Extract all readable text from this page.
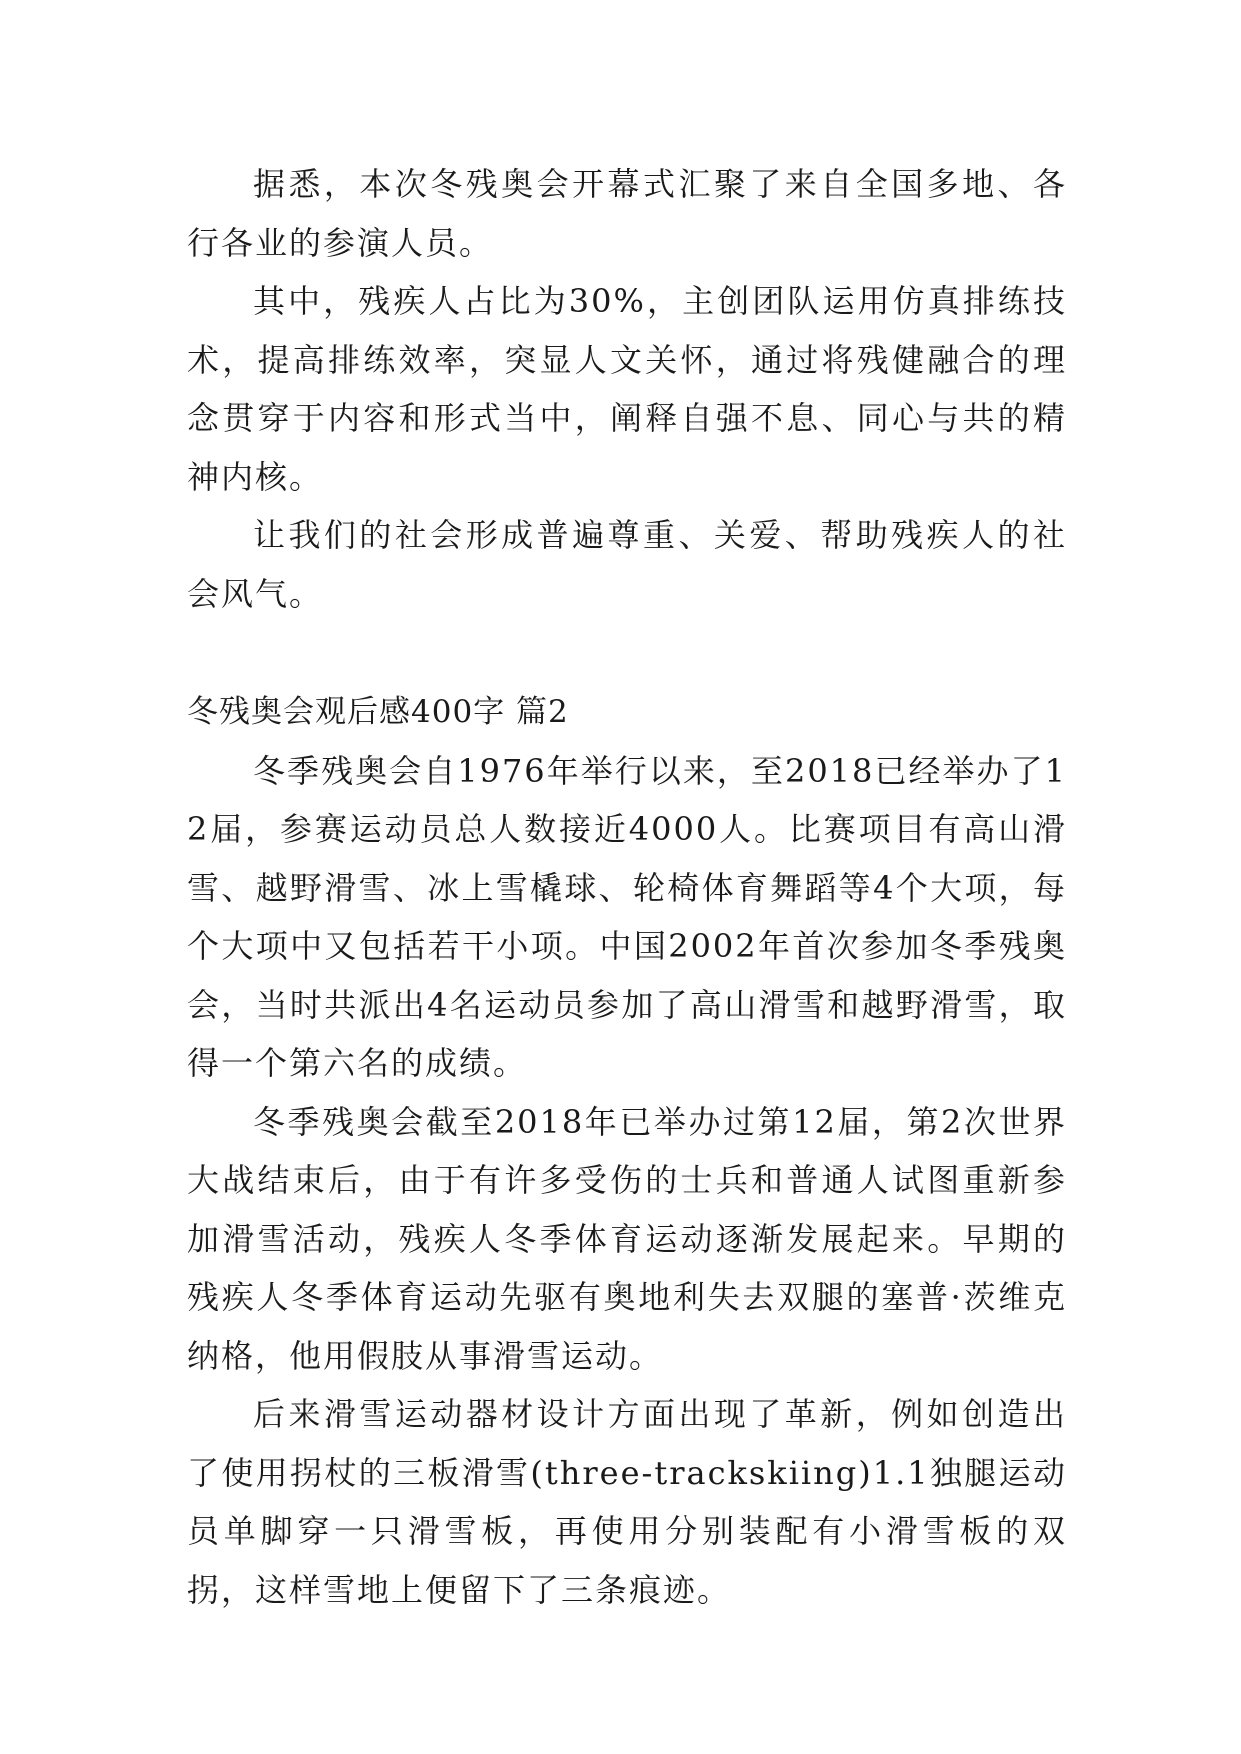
据悉，本次冬残奥会开幕式汇聚了来自全国多地、各行各业的参演人员。

其中，残疾人占比为30%，主创团队运用仿真排练技术，提高排练效率，突显人文关怀，通过将残健融合的理念贯穿于内容和形式当中，阐释自强不息、同心与共的精神内核。

让我们的社会形成普遍尊重、关爱、帮助残疾人的社会风气。

冬残奥会观后感400字 篇2

冬季残奥会自1976年举行以来，至2018已经举办了12届，参赛运动员总人数接近4000人。比赛项目有高山滑雪、越野滑雪、冰上雪橇球、轮椅体育舞蹈等4个大项，每个大项中又包括若干小项。中国2002年首次参加冬季残奥会，当时共派出4名运动员参加了高山滑雪和越野滑雪，取得一个第六名的成绩。

冬季残奥会截至2018年已举办过第12届，第2次世界大战结束后，由于有许多受伤的士兵和普通人试图重新参加滑雪活动，残疾人冬季体育运动逐渐发展起来。早期的残疾人冬季体育运动先驱有奥地利失去双腿的塞普·茨维克纳格，他用假肢从事滑雪运动。

后来滑雪运动器材设计方面出现了革新，例如创造出了使用拐杖的三板滑雪(three-trackskiing)1.1独腿运动员单脚穿一只滑雪板，再使用分别装配有小滑雪板的双拐，这样雪地上便留下了三条痕迹。
